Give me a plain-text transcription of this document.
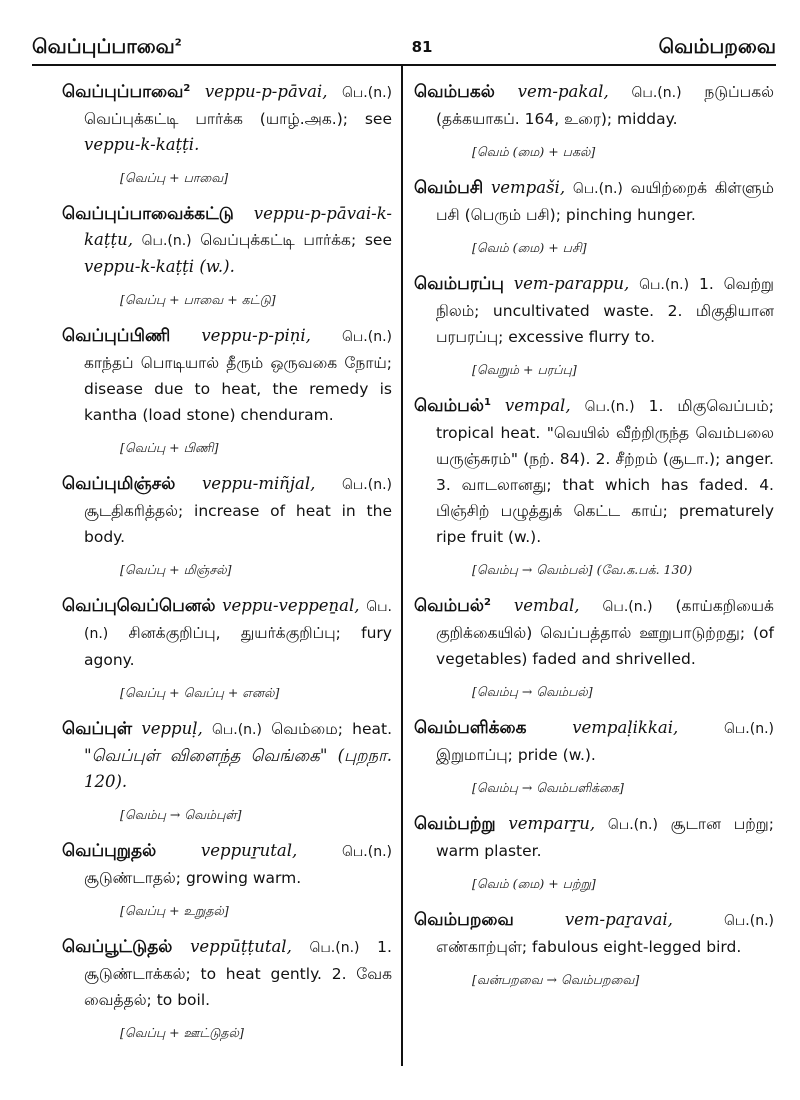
வெப்புப்பாவை$^2$	81	வெம்பறவை

வெப்புப்பாவை$^2$ veppu-p-pāvai, பெ.(n.) வெப்புக்கட்டி பார்க்க (யாழ்.அக.); see veppu-k-kaṭṭi.

[வெப்பு + பாவை]

வெப்புப்பாவைக்கட்டு veppu-p-pāvai-k-kaṭṭu, பெ.(n.) வெப்புக்கட்டி பார்க்க; see veppu-k-kaṭṭi (w.).

[வெப்பு + பாவை + கட்டு]

வெப்புப்பிணி veppu-p-piṇi, பெ.(n.) காந்தப் பொடியால் தீரும் ஒருவகை நோய்; disease due to heat, the remedy is kantha (load stone) chenduram.

[வெப்பு + பிணி]

வெப்புமிஞ்சல் veppu-miñjal, பெ.(n.) சூடதிகரித்தல்; increase of heat in the body.

[வெப்பு + மிஞ்சல்]

வெப்புவெப்பெனல் veppu-veppeṉal, பெ.(n.) சினக்குறிப்பு, துயர்க்குறிப்பு; fury agony.

[வெப்பு + வெப்பு + எனல்]

வெப்புள் veppuḷ, பெ.(n.) வெம்மை; heat. "வெப்புள் விளைந்த வெங்கை" (புறநா. 120).

[வெம்பு → வெம்புள்]

வெப்புறுதல்	veppuṟutal,	பெ.(n.) சூடுண்டாதல்; growing warm.

[வெப்பு + உறுதல்]

வெப்பூட்டுதல் veppūṭṭutal, பெ.(n.) 1. சூடுண்டாக்கல்; to heat gently. 2. வேக வைத்தல்; to boil.

[வெப்பு + ஊட்டுதல்]

வெம்பகல் vem-pakal, பெ.(n.) நடுப்பகல் (தக்கயாகப். 164, உரை); midday.

[வெம் (மை) + பகல்]

வெம்பசி vempaši, பெ.(n.) வயிற்றைக் கிள்ளும் பசி (பெரும் பசி); pinching hunger.

[வெம் (மை) + பசி]

வெம்பரப்பு vem-parappu, பெ.(n.) 1. வெற்று நிலம்; uncultivated waste. 2. மிகுதியான பரபரப்பு; excessive flurry to.

[வெறும் + பரப்பு]

வெம்பல்$^1$ vempal, பெ.(n.) 1. மிகுவெப்பம்; tropical heat. "வெயில் வீற்றிருந்த வெம்பலை யருஞ்சுரம்" (நற். 84). 2. சீற்றம் (சூடா.); anger. 3. வாடலானது; that which has faded. 4. பிஞ்சிற் பழுத்துக் கெட்ட காய்; prematurely ripe fruit (w.).

[வெம்பு → வெம்பல்] (வே.க.பக். 130)

வெம்பல்$^2$ vembal, பெ.(n.) (காய்கறியைக் குறிக்கையில்) வெப்பத்தால் ஊறுபாடுற்றது; (of vegetables) faded and shrivelled.

[வெம்பு → வெம்பல்]

வெம்பளிக்கை	vempaḷikkai,	பெ.(n.) இறுமாப்பு; pride (w.).

[வெம்பு → வெம்பளிக்கை]

வெம்பற்று vemparṟu, பெ.(n.) சூடான பற்று; warm plaster.

[வெம் (மை) + பற்று]

வெம்பறவை	vem-paṟavai,	பெ.(n.) எண்காற்புள்; fabulous eight-legged bird.

[வன்பறவை → வெம்பறவை]
